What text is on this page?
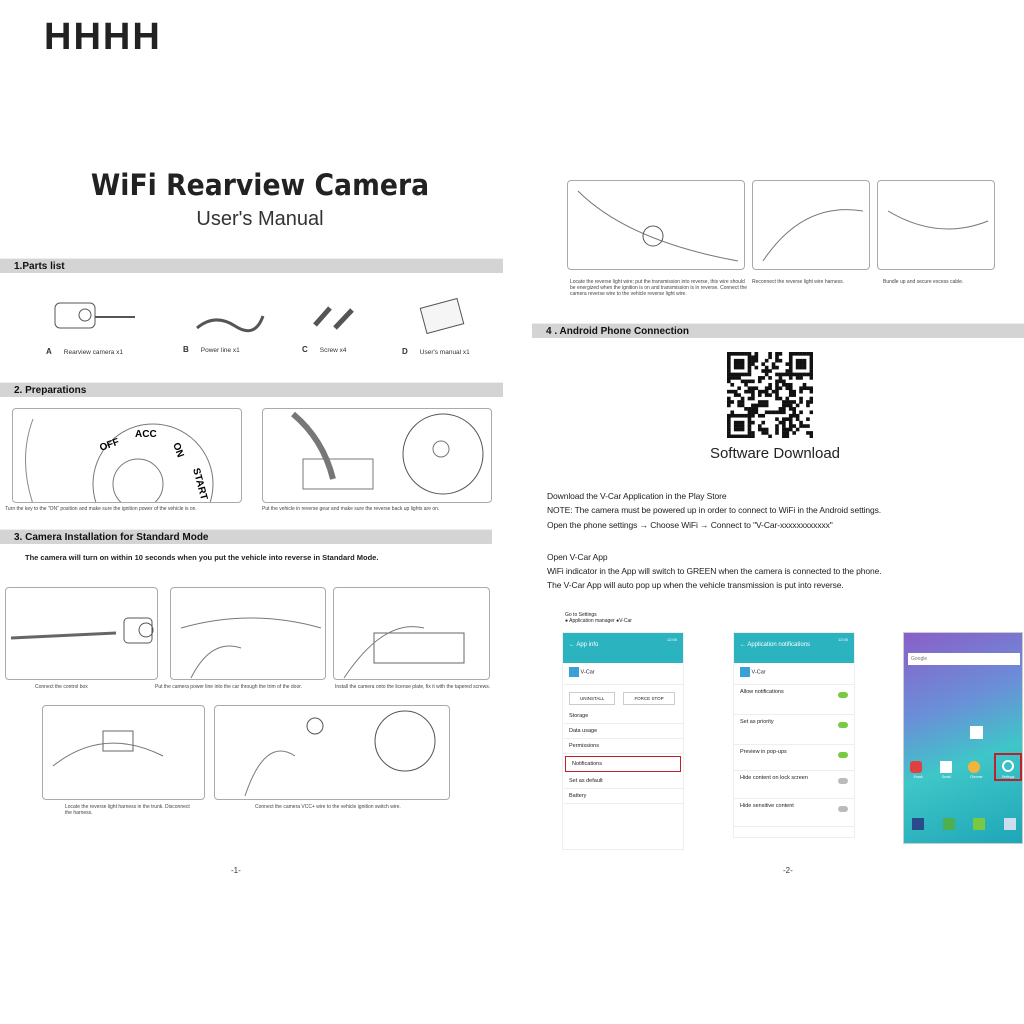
HHHH
WiFi Rearview Camera
User's Manual
1.Parts list
A Rearview camera x1	B Power line x1	C Screw x4	D User's manual x1
2. Preparations
OFF
ACC
ON
START
Turn the key to the "ON" position and make sure the ignition power of the vehicle is on.	Put the vehicle in reverse gear and make sure the reverse back up lights are on.
3. Camera Installation for Standard Mode
The camera will turn on within 10 seconds when you put the vehicle into reverse in Standard Mode.
Connect the control box	Put the camera power line into the car through the trim of the door.	Install the camera onto the license plate, fix it with the tapered screws.
Locate the reverse light harness in the trunk. Disconnect the harness.
Connect the camera VCC+ wire to the vehicle ignition switch wire.
-1-
Locate the reverse light wire; put the transmission into reverse, this wire should be energized when the ignition is on and transmission is in reverse. Connect the camera reverse wire to the vehicle reverse light wire.
Reconnect the reverse light wire harness.	Bundle up and secure excess cable.
4 . Android Phone Connection
Software Download
Download the V-Car Application in the Play Store
NOTE: The camera must be powered up in order to connect to WiFi in the Android settings.
Open the phone settings → Choose WiFi → Connect to "V-Car-xxxxxxxxxxxx"
Open V-Car App
WiFi indicator in the App will switch to GREEN when the camera is connected to the phone.
The V-Car App will auto pop up when the vehicle transmission is put into reverse.
Go to Settings
● Application manager ●V-Car
12:00
← App info
V-Car
UNINSTALL	FORCE STOP
Storage
Data usage
Permissions
Notifications
Set as default
Battery
12:00
← Application notifications
V-Car
Allow notifications
Set as priority
Preview in pop-ups
Hide content on lock screen
Hide sensitive content
Google
Email	Gmail	Chrome	Settings
-2-
